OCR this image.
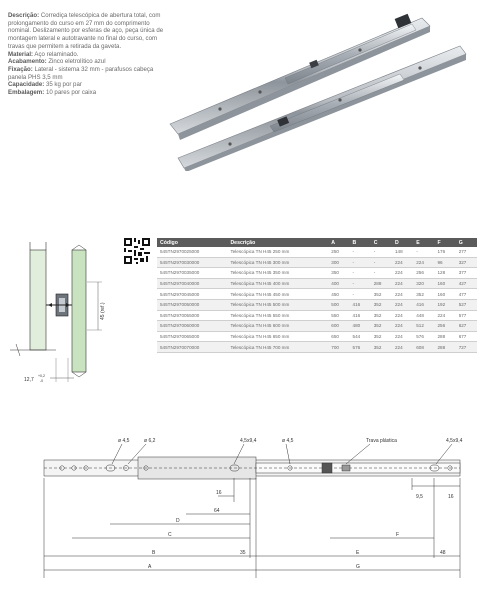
Descrição: Corrediça telescópica de abertura total, com prolongamento do curso em 27 mm do comprimento nominal. Deslizamento por esferas de aço, peça única de montagem lateral e autotravante no final do curso, com travas que permitem a retirada da gaveta.

Material: Aço relaminado.

Acabamento: Zinco eletrolítico azul

Fixação: Lateral - sistema 32 mm - parafusos cabeça panela PHS 3,5 mm

Capacidade: 35 kg por par

Embalagem: 10 pares por caixa

45 (ref.)
12,7
+0,2
-0
Código	Descrição	A	B	C	D	E	F	G
545TN2970025000	Telescópica TN H45 250 mm	250	-	-	148	-	176	277
545TN2970030000	Telescópica TN H45 300 mm	300	-	-	224	224	96	327
545TN2970035000	Telescópica TN H45 350 mm	350	-	-	224	256	128	377
545TN2970040000	Telescópica TN H45 400 mm	400	-	288	224	320	160	427
545TN2970045000	Telescópica TN H45 450 mm	450	-	352	224	352	160	477
545TN2970050000	Telescópica TN H45 500 mm	500	416	352	224	416	192	527
545TN2970055000	Telescópica TN H45 550 mm	550	416	352	224	448	224	577
545TN2970060000	Telescópica TN H45 600 mm	600	480	352	224	512	256	627
545TN2970065000	Telescópica TN H45 650 mm	650	544	352	224	576	288	677
545TN2970070000	Telescópica TN H45 700 mm	700	576	352	224	608	288	727
ø 4,5	ø 6,2	4,5x9,4	ø 4,5	Trava plástica	4,5x9,4
16
64
D
C
B	35
A
9,5	16
F
E	48
G
